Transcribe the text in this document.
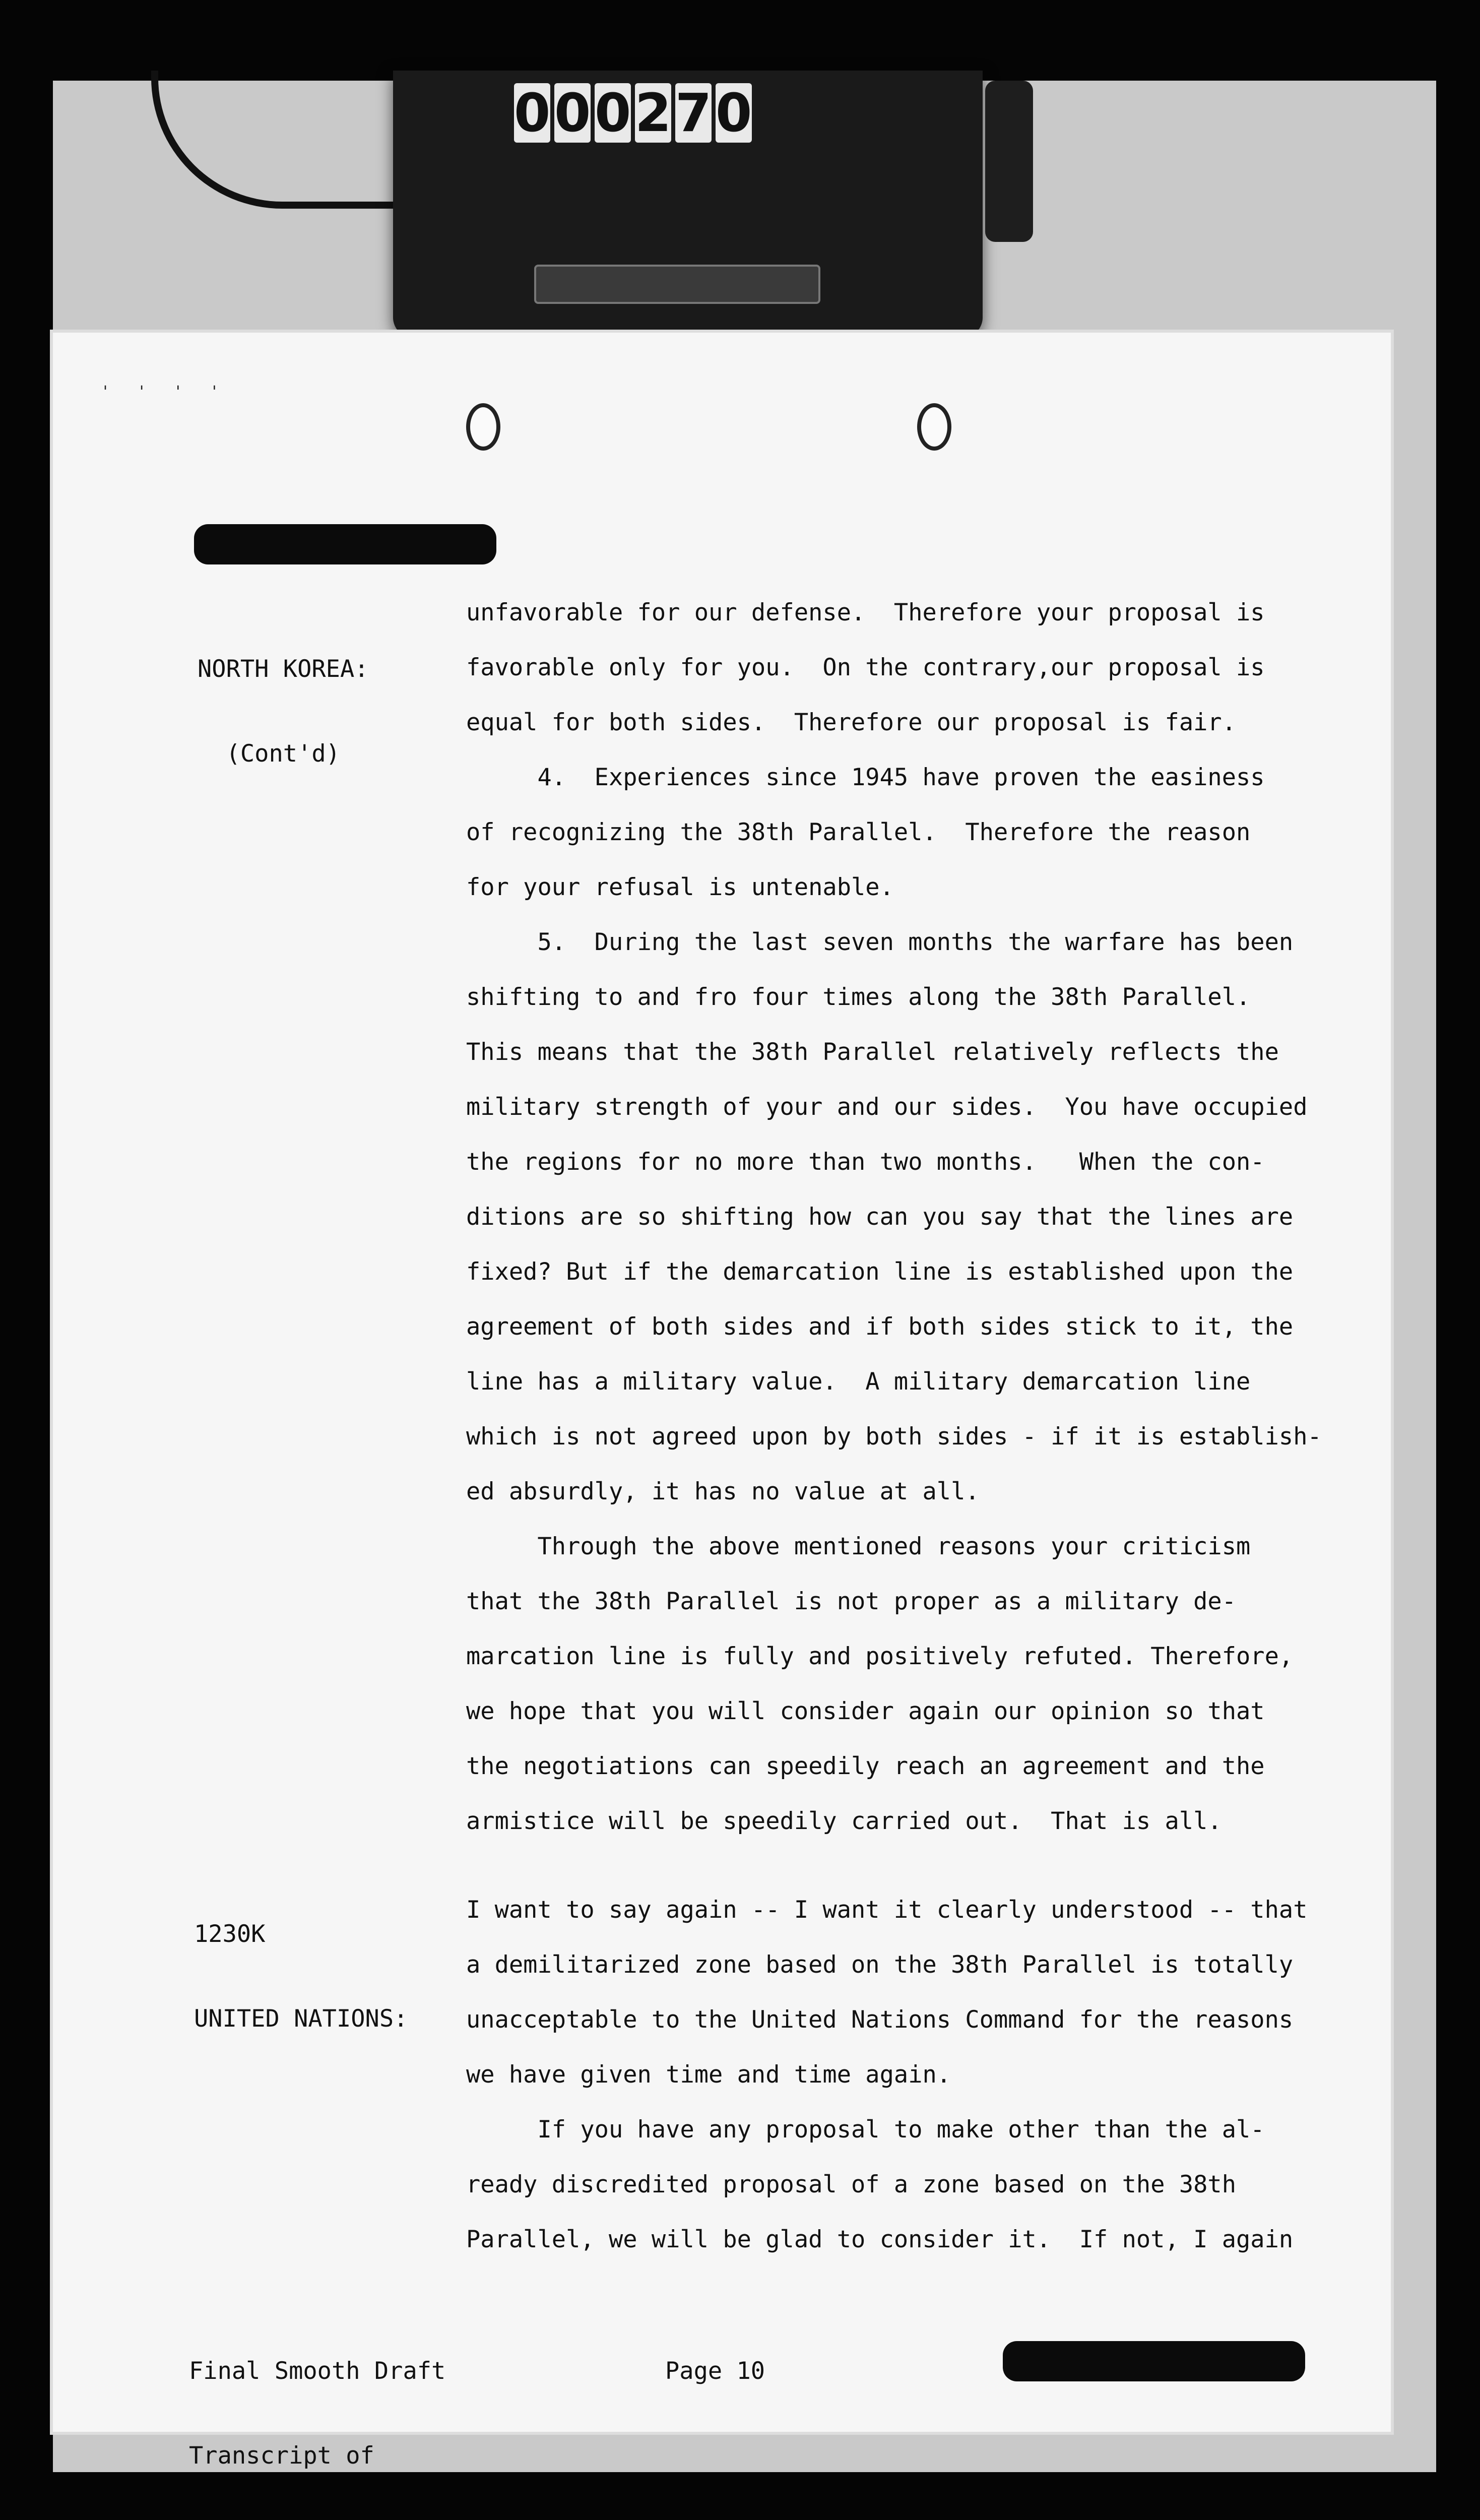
0 0 0 2 7 0
' ' ' '

NORTH KOREA:

(Cont'd)

unfavorable for our defense.  Therefore your proposal is
favorable only for you.  On the contrary,our proposal is
equal for both sides.  Therefore our proposal is fair.
4.  Experiences since 1945 have proven the easiness
of recognizing the 38th Parallel.  Therefore the reason
for your refusal is untenable.
5.  During the last seven months the warfare has been
shifting to and fro four times along the 38th Parallel.
This means that the 38th Parallel relatively reflects the
military strength of your and our sides.  You have occupied
the regions for no more than two months.   When the con-
ditions are so shifting how can you say that the lines are
fixed? But if the demarcation line is established upon the
agreement of both sides and if both sides stick to it, the
line has a military value.  A military demarcation line
which is not agreed upon by both sides - if it is establish-
ed absurdly, it has no value at all.
Through the above mentioned reasons your criticism
that the 38th Parallel is not proper as a military de-
marcation line is fully and positively refuted. Therefore,
we hope that you will consider again our opinion so that
the negotiations can speedily reach an agreement and the
armistice will be speedily carried out.  That is all.

1230K

UNITED NATIONS:

I want to say again -- I want it clearly understood -- that
a demilitarized zone based on the 38th Parallel is totally
unacceptable to the United Nations Command for the reasons
we have given time and time again.
If you have any proposal to make other than the al-
ready discredited proposal of a zone based on the 38th
Parallel, we will be glad to consider it.  If not, I again

Final Smooth Draft

Transcript of

Page 10
